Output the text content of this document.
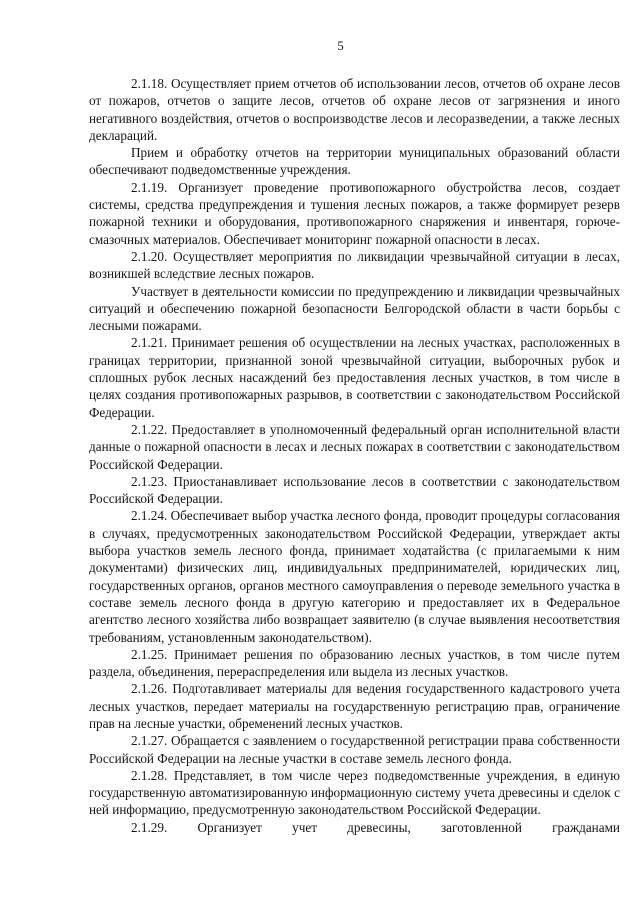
5

2.1.18. Осуществляет прием отчетов об использовании лесов, отчетов об охране лесов от пожаров, отчетов о защите лесов, отчетов об охране лесов от загрязнения и иного негативного воздействия, отчетов о воспроизводстве лесов и лесоразведении, а также лесных деклараций.

Прием и обработку отчетов на территории муниципальных образований области обеспечивают подведомственные учреждения.

2.1.19. Организует проведение противопожарного обустройства лесов, создает системы, средства предупреждения и тушения лесных пожаров, а также формирует резерв пожарной техники и оборудования, противопожарного снаряжения и инвентаря, горюче-смазочных материалов. Обеспечивает мониторинг пожарной опасности в лесах.

2.1.20. Осуществляет мероприятия по ликвидации чрезвычайной ситуации в лесах, возникшей вследствие лесных пожаров.

Участвует в деятельности комиссии по предупреждению и ликвидации чрезвычайных ситуаций и обеспечению пожарной безопасности Белгородской области в части борьбы с лесными пожарами.

2.1.21. Принимает решения об осуществлении на лесных участках, расположенных в границах территории, признанной зоной чрезвычайной ситуации, выборочных рубок и сплошных рубок лесных насаждений без предоставления лесных участков, в том числе в целях создания противопожарных разрывов, в соответствии с законодательством Российской Федерации.

2.1.22. Предоставляет в уполномоченный федеральный орган исполнительной власти данные о пожарной опасности в лесах и лесных пожарах в соответствии с законодательством Российской Федерации.

2.1.23. Приостанавливает использование лесов в соответствии с законодательством Российской Федерации.

2.1.24. Обеспечивает выбор участка лесного фонда, проводит процедуры согласования в случаях, предусмотренных законодательством Российской Федерации, утверждает акты выбора участков земель лесного фонда, принимает ходатайства (с прилагаемыми к ним документами) физических лиц, индивидуальных предпринимателей, юридических лиц, государственных органов, органов местного самоуправления о переводе земельного участка в составе земель лесного фонда в другую категорию и предоставляет их в Федеральное агентство лесного хозяйства либо возвращает заявителю (в случае выявления несоответствия требованиям, установленным законодательством).

2.1.25. Принимает решения по образованию лесных участков, в том числе путем раздела, объединения, перераспределения или выдела из лесных участков.

2.1.26. Подготавливает материалы для ведения государственного кадастрового учета лесных участков, передает материалы на государственную регистрацию прав, ограничение прав на лесные участки, обременений лесных участков.

2.1.27. Обращается с заявлением о государственной регистрации права собственности Российской Федерации на лесные участки в составе земель лесного фонда.

2.1.28. Представляет, в том числе через подведомственные учреждения, в единую государственную автоматизированную информационную систему учета древесины и сделок с ней информацию, предусмотренную законодательством Российской Федерации.

2.1.29. Организует учет древесины, заготовленной гражданами
